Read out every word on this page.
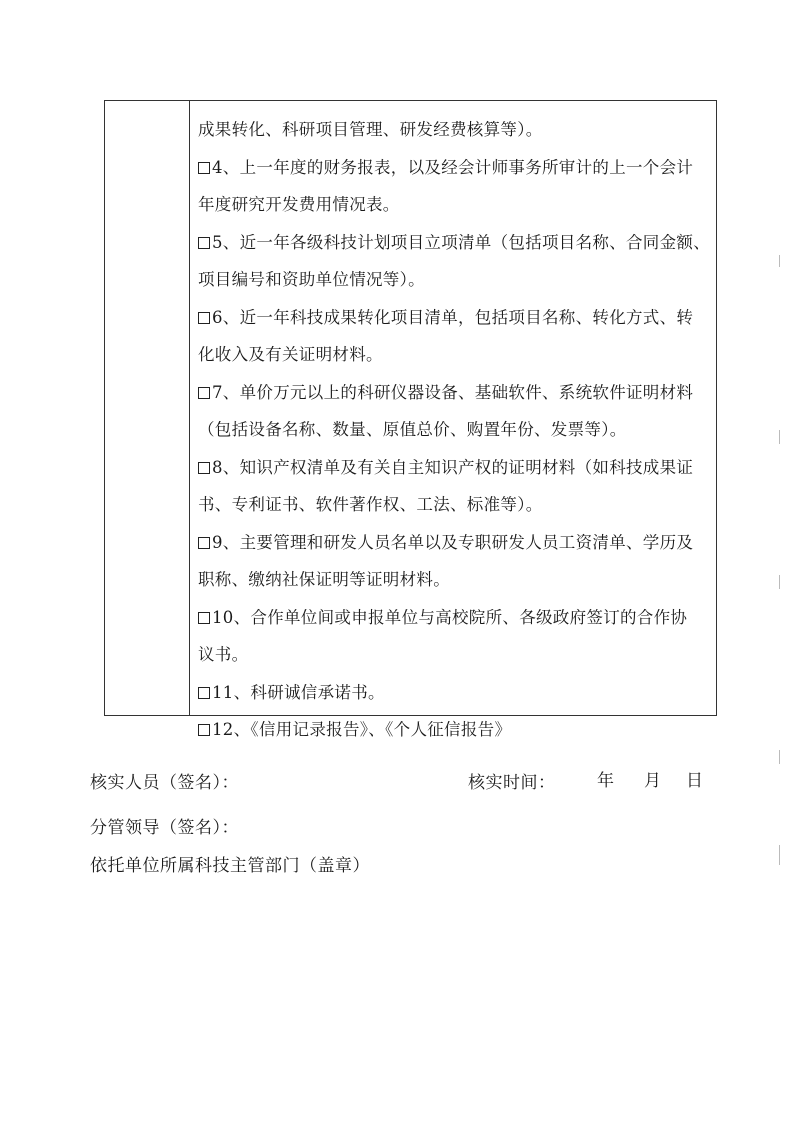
成果转化、科研项目管理、研发经费核算等）。
4、上一年度的财务报表，以及经会计师事务所审计的上一个会计
年度研究开发费用情况表。
5、近一年各级科技计划项目立项清单（包括项目名称、合同金额、
项目编号和资助单位情况等）。
6、近一年科技成果转化项目清单，包括项目名称、转化方式、转
化收入及有关证明材料。
7、单价万元以上的科研仪器设备、基础软件、系统软件证明材料
（包括设备名称、数量、原值总价、购置年份、发票等）。
8、知识产权清单及有关自主知识产权的证明材料（如科技成果证
书、专利证书、软件著作权、工法、标准等）。
9、主要管理和研发人员名单以及专职研发人员工资清单、学历及
职称、缴纳社保证明等证明材料。
10、合作单位间或申报单位与高校院所、各级政府签订的合作协
议书。
11、科研诚信承诺书。
12、《信用记录报告》、《个人征信报告》
核实人员（签名）：	核实时间： 年 月 日
分管领导（签名）：
依托单位所属科技主管部门（盖章）
